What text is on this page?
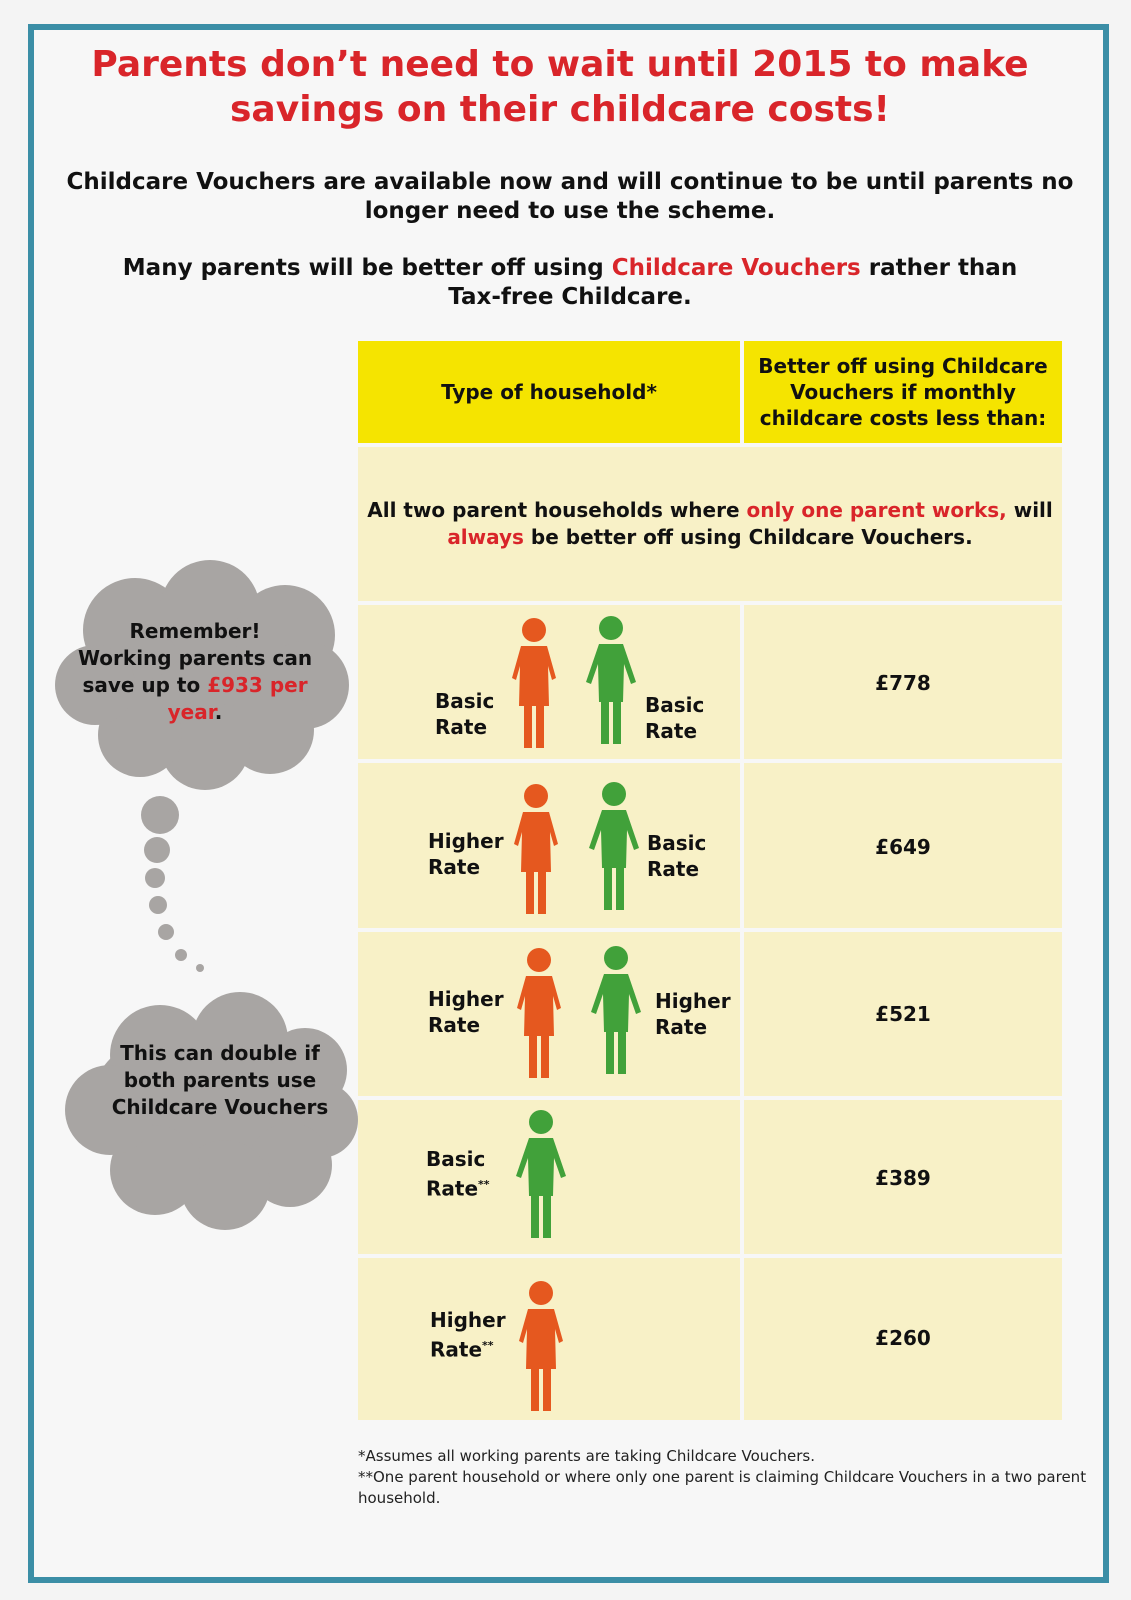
Parents don’t need to wait until 2015 to make
savings on their childcare costs!
Childcare Vouchers are available now and will continue to be until parents no
longer need to use the scheme.
Many parents will be better off using Childcare Vouchers rather than
Tax-free Childcare.
Type of household*
Better off using Childcare Vouchers if monthly childcare costs less than:
All two parent households where only one parent works, will
always be better off using Childcare Vouchers.
£778
£649
£521
£389
£260
Basic
Rate
Basic
Rate
Higher
Rate
Basic
Rate
Higher
Rate
Higher
Rate
Basic
Rate**
Higher
Rate**
Remember!
Working parents can
save up to £933 per
year.
This can double if
both parents use
Childcare Vouchers
*Assumes all working parents are taking Childcare Vouchers.
**One parent household or where only one parent is claiming Childcare Vouchers in a two parent household.
